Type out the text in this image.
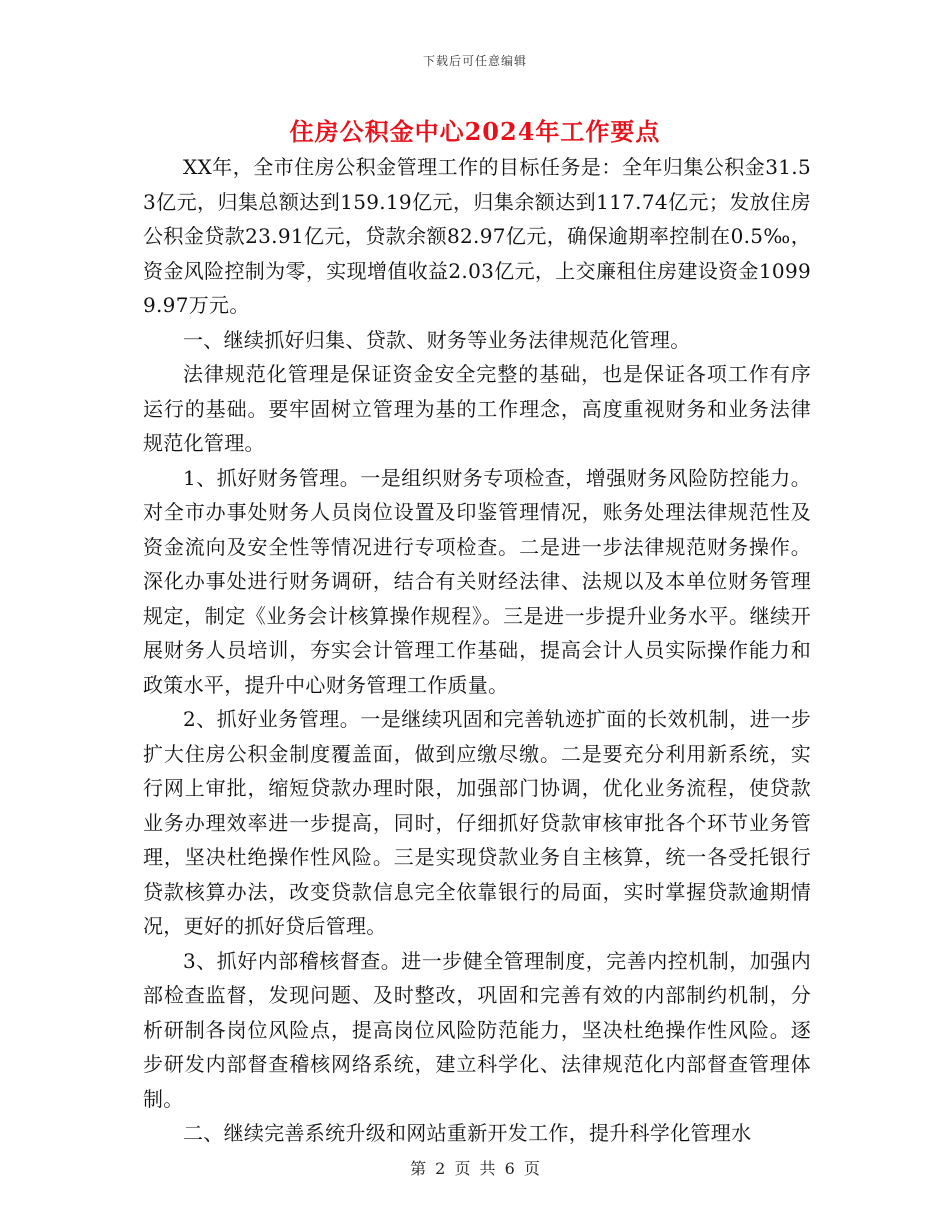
下载后可任意编辑
住房公积金中心2024年工作要点

XX年，全市住房公积金管理工作的目标任务是：全年归集公积金31.53亿元，归集总额达到159.19亿元，归集余额达到117.74亿元；发放住房公积金贷款23.91亿元，贷款余额82.97亿元，确保逾期率控制在0.5‰，资金风险控制为零，实现增值收益2.03亿元，上交廉租住房建设资金10999.97万元。

一、继续抓好归集、贷款、财务等业务法律规范化管理。

法律规范化管理是保证资金安全完整的基础，也是保证各项工作有序运行的基础。要牢固树立管理为基的工作理念，高度重视财务和业务法律规范化管理。

1、抓好财务管理。一是组织财务专项检查，增强财务风险防控能力。对全市办事处财务人员岗位设置及印鉴管理情况，账务处理法律规范性及资金流向及安全性等情况进行专项检查。二是进一步法律规范财务操作。深化办事处进行财务调研，结合有关财经法律、法规以及本单位财务管理规定，制定《业务会计核算操作规程》。三是进一步提升业务水平。继续开展财务人员培训，夯实会计管理工作基础，提高会计人员实际操作能力和政策水平，提升中心财务管理工作质量。

2、抓好业务管理。一是继续巩固和完善轨迹扩面的长效机制，进一步扩大住房公积金制度覆盖面，做到应缴尽缴。二是要充分利用新系统，实行网上审批，缩短贷款办理时限，加强部门协调，优化业务流程，使贷款业务办理效率进一步提高，同时，仔细抓好贷款审核审批各个环节业务管理，坚决杜绝操作性风险。三是实现贷款业务自主核算，统一各受托银行贷款核算办法，改变贷款信息完全依靠银行的局面，实时掌握贷款逾期情况，更好的抓好贷后管理。

3、抓好内部稽核督查。进一步健全管理制度，完善内控机制，加强内部检查监督，发现问题、及时整改，巩固和完善有效的内部制约机制，分析研制各岗位风险点，提高岗位风险防范能力，坚决杜绝操作性风险。逐步研发内部督查稽核网络系统，建立科学化、法律规范化内部督查管理体制。

二、继续完善系统升级和网站重新开发工作，提升科学化管理水

第 2 页 共 6 页
